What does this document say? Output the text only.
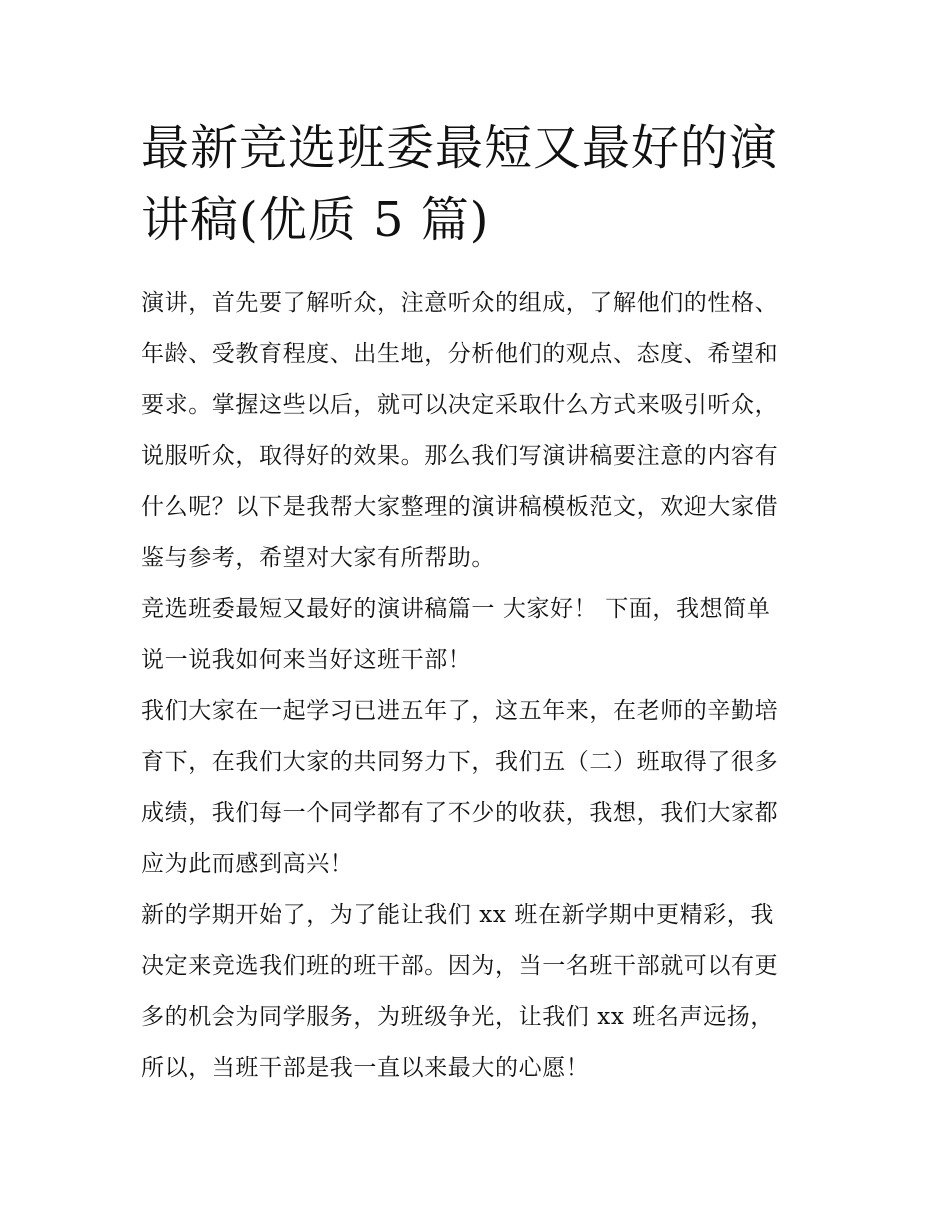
最新竞选班委最短又最好的演
讲稿(优质 5 篇)

演讲，首先要了解听众，注意听众的组成，了解他们的性格、
年龄、受教育程度、出生地，分析他们的观点、态度、希望和
要求。掌握这些以后，就可以决定采取什么方式来吸引听众，
说服听众，取得好的效果。那么我们写演讲稿要注意的内容有
什么呢？以下是我帮大家整理的演讲稿模板范文，欢迎大家借
鉴与参考，希望对大家有所帮助。

竞选班委最短又最好的演讲稿篇一 大家好！ 下面，我想简单
说一说我如何来当好这班干部！

我们大家在一起学习已进五年了，这五年来，在老师的辛勤培
育下，在我们大家的共同努力下，我们五（二）班取得了很多
成绩，我们每一个同学都有了不少的收获，我想，我们大家都
应为此而感到高兴！

新的学期开始了，为了能让我们 xx 班在新学期中更精彩，我
决定来竞选我们班的班干部。因为，当一名班干部就可以有更
多的机会为同学服务，为班级争光，让我们 xx 班名声远扬，
所以，当班干部是我一直以来最大的心愿！
